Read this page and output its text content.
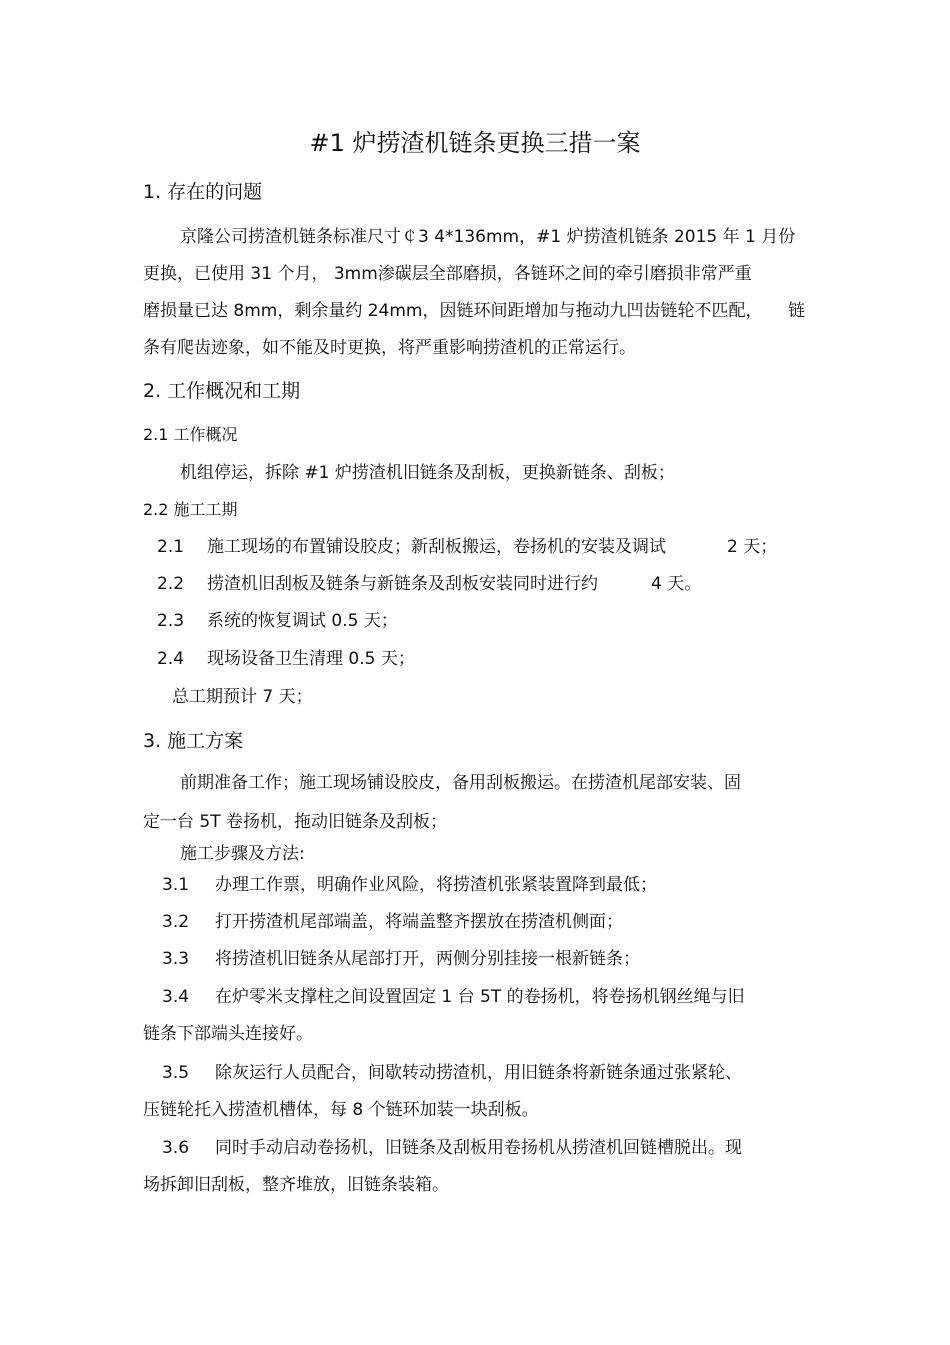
#1 炉捞渣机链条更换三措一案
1. 存在的问题
京隆公司捞渣机链条标准尺寸￠3 4*136mm，#1 炉捞渣机链条 2015 年 1 月份
更换，已使用 31 个月， 3mm渗碳层全部磨损，各链环之间的牵引磨损非常严重
磨损量已达 8mm，剩余量约 24mm，因链环间距增加与拖动九凹齿链轮不匹配， 链
条有爬齿迹象，如不能及时更换，将严重影响捞渣机的正常运行。
2. 工作概况和工期
2.1 工作概况
机组停运，拆除 #1 炉捞渣机旧链条及刮板，更换新链条、刮板；
2.2 施工工期
2.1 施工现场的布置铺设胶皮；新刮板搬运，卷扬机的安装及调试	2 天；
2.2 捞渣机旧刮板及链条与新链条及刮板安装同时进行约	4 天。
2.3 系统的恢复调试 0.5 天；
2.4 现场设备卫生清理 0.5 天；
总工期预计 7 天；
3. 施工方案
前期准备工作；施工现场铺设胶皮，备用刮板搬运。在捞渣机尾部安装、固
定一台 5T 卷扬机，拖动旧链条及刮板；
施工步骤及方法:
3.1 办理工作票，明确作业风险，将捞渣机张紧装置降到最低；
3.2 打开捞渣机尾部端盖，将端盖整齐摆放在捞渣机侧面；
3.3 将捞渣机旧链条从尾部打开，两侧分别挂接一根新链条；
3.4 在炉零米支撑柱之间设置固定 1 台 5T 的卷扬机，将卷扬机钢丝绳与旧
链条下部端头连接好。
3.5 除灰运行人员配合，间歇转动捞渣机，用旧链条将新链条通过张紧轮、
压链轮托入捞渣机槽体，每 8 个链环加装一块刮板。
3.6 同时手动启动卷扬机，旧链条及刮板用卷扬机从捞渣机回链槽脱出。现
场拆卸旧刮板，整齐堆放，旧链条装箱。
